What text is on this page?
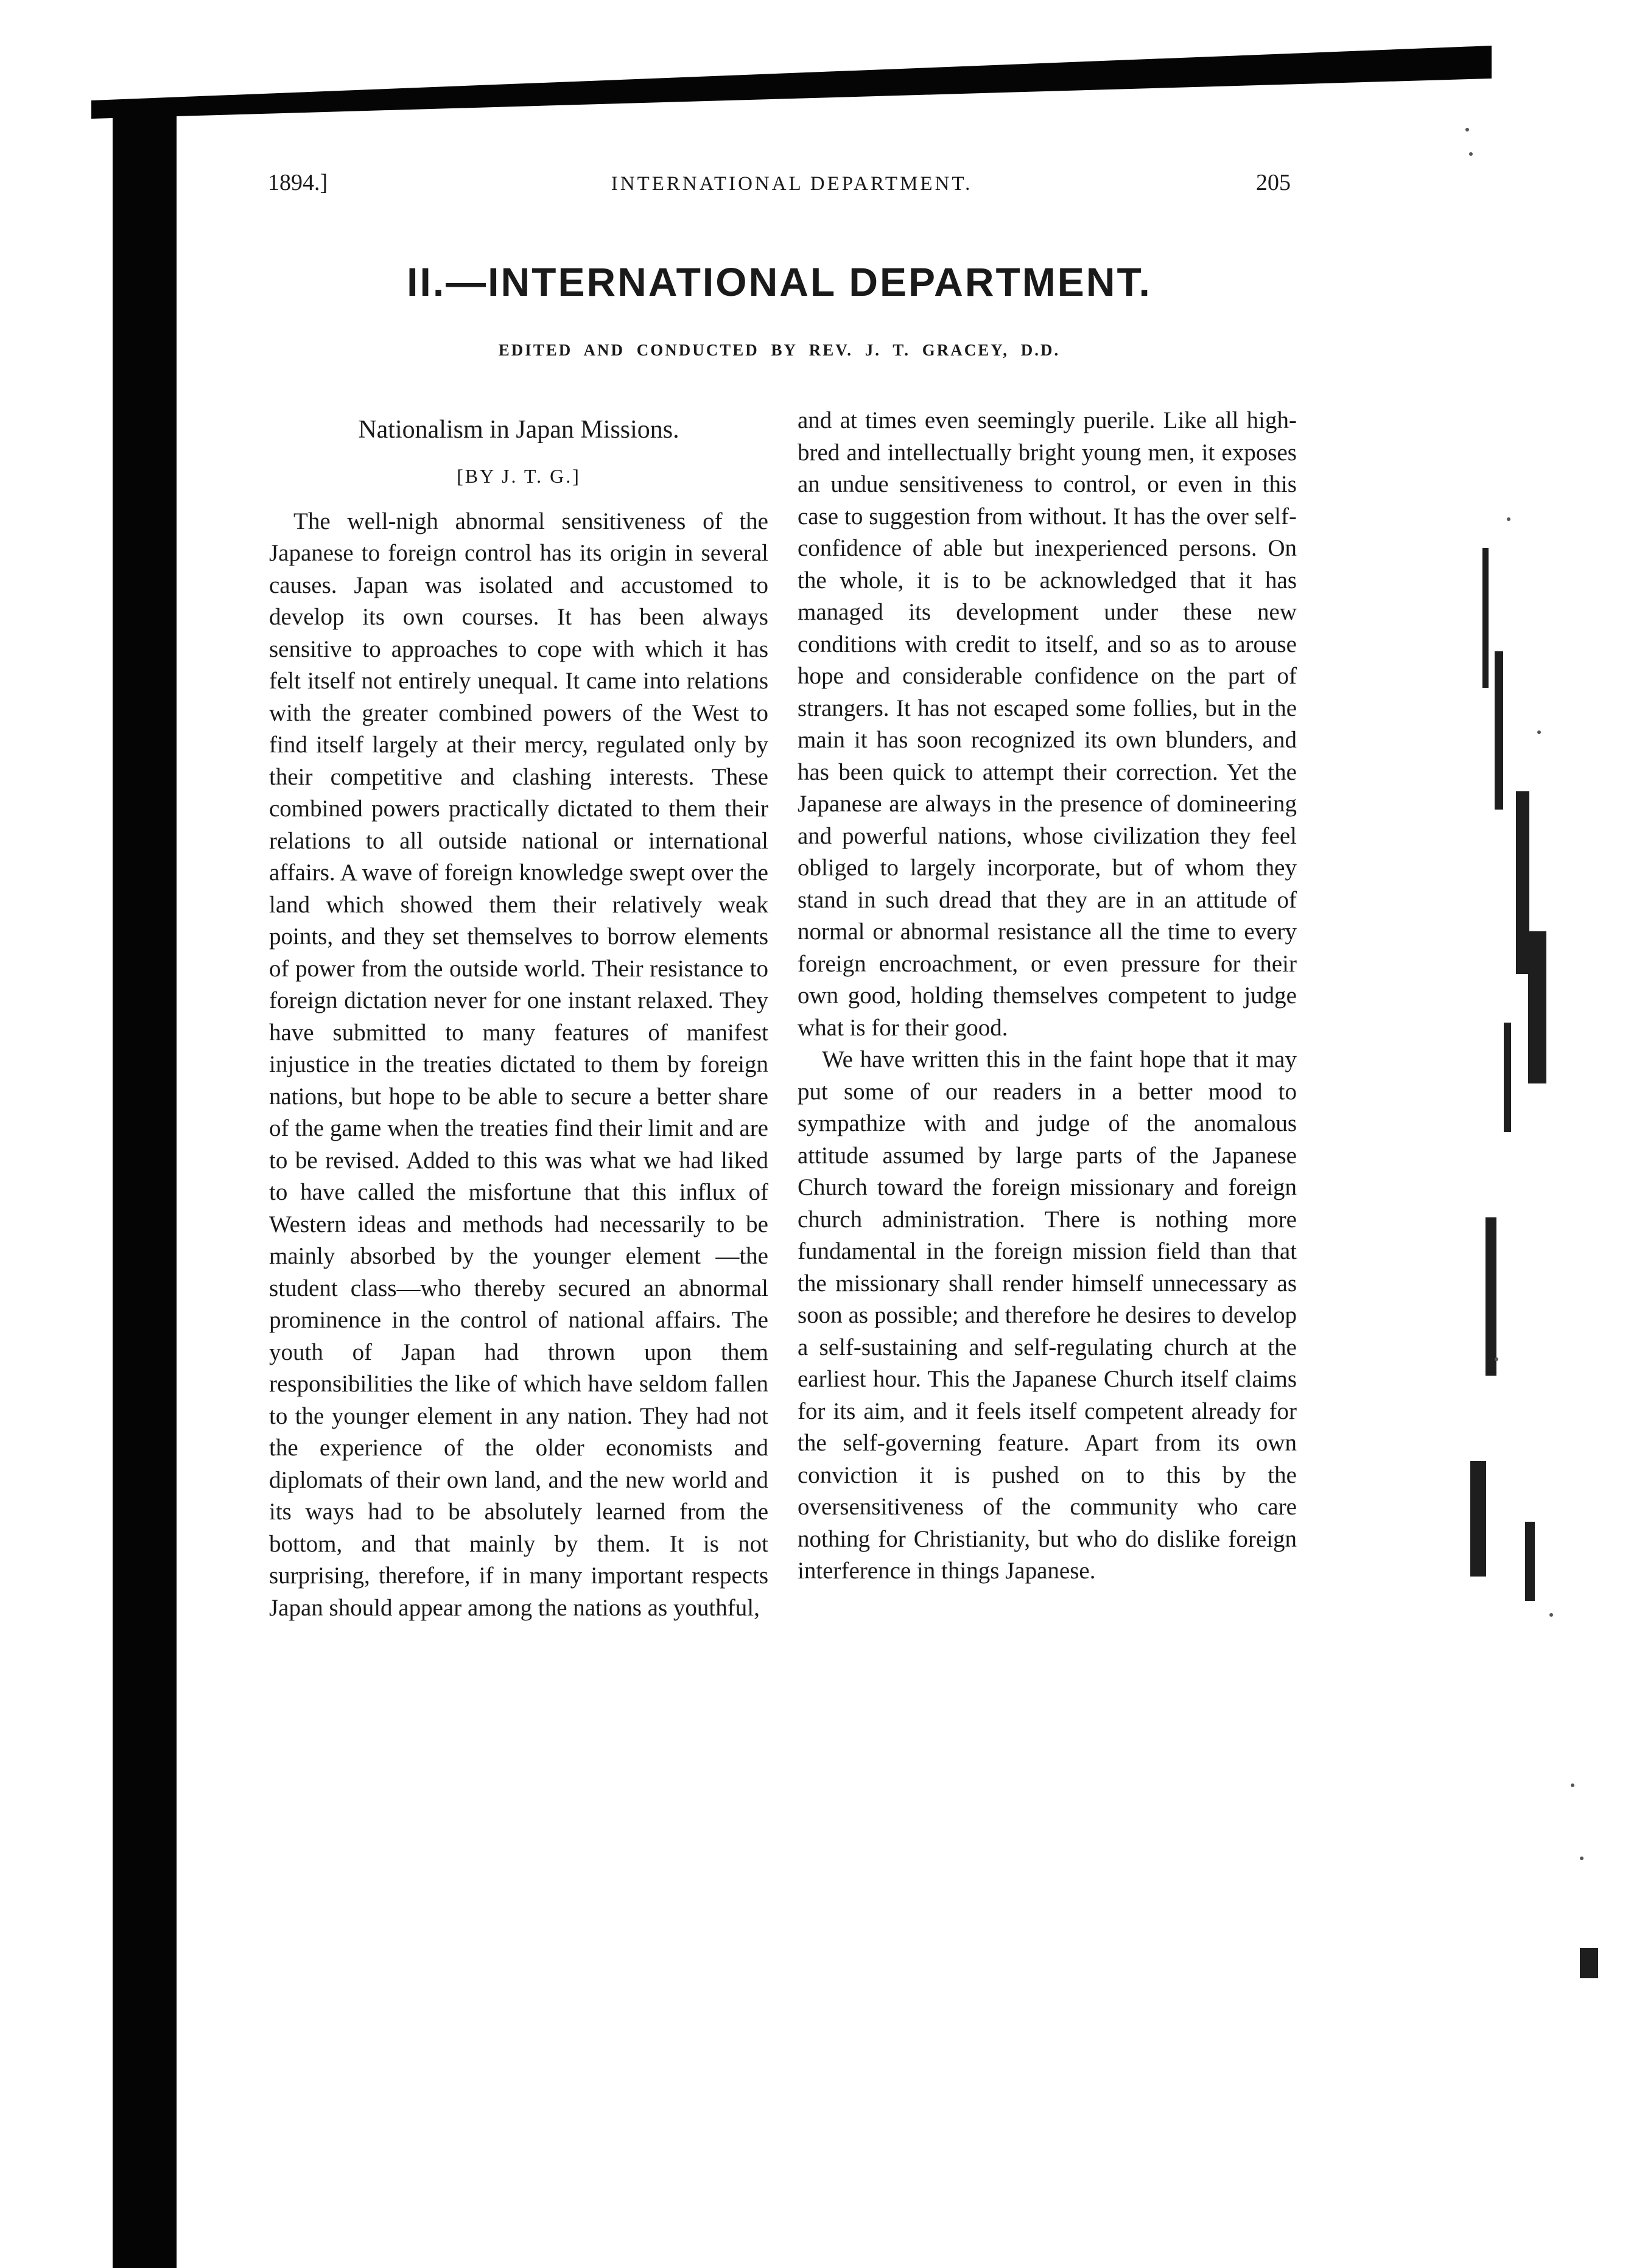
1894.]	INTERNATIONAL DEPARTMENT.	205
II.—INTERNATIONAL DEPARTMENT.
EDITED AND CONDUCTED BY REV. J. T. GRACEY, D.D.
Nationalism in Japan Missions.
[BY J. T. G.]

The well-nigh abnormal sensitiveness of the Japanese to foreign control has its origin in several causes. Japan was isolated and accustomed to develop its own courses. It has been always sensitive to approaches to cope with which it has felt itself not entirely unequal. It came into relations with the greater combined powers of the West to find itself largely at their mercy, regulated only by their competitive and clashing interests. These combined powers practically dictated to them their relations to all outside national or international affairs. A wave of foreign knowledge swept over the land which showed them their relatively weak points, and they set themselves to borrow elements of power from the outside world. Their resistance to foreign dictation never for one instant relaxed. They have submitted to many features of manifest injustice in the treaties dictated to them by foreign nations, but hope to be able to secure a better share of the game when the treaties find their limit and are to be revised. Added to this was what we had liked to have called the misfortune that this influx of Western ideas and methods had necessarily to be mainly absorbed by the younger element —the student class—who thereby secured an abnormal prominence in the control of national affairs. The youth of Japan had thrown upon them responsibilities the like of which have seldom fallen to the younger element in any nation. They had not the experience of the older economists and diplomats of their own land, and the new world and its ways had to be absolutely learned from the bottom, and that mainly by them. It is not surprising, therefore, if in many important respects Japan should appear among the nations as youthful,

and at times even seemingly puerile. Like all high-bred and intellectually bright young men, it exposes an undue sensitiveness to control, or even in this case to suggestion from without. It has the over self-confidence of able but inexperienced persons. On the whole, it is to be acknowledged that it has managed its development under these new conditions with credit to itself, and so as to arouse hope and considerable confidence on the part of strangers. It has not escaped some follies, but in the main it has soon recognized its own blunders, and has been quick to attempt their correction. Yet the Japanese are always in the presence of domineering and powerful nations, whose civilization they feel obliged to largely incorporate, but of whom they stand in such dread that they are in an attitude of normal or abnormal resistance all the time to every foreign encroachment, or even pressure for their own good, holding themselves competent to judge what is for their good.

We have written this in the faint hope that it may put some of our readers in a better mood to sympathize with and judge of the anomalous attitude assumed by large parts of the Japanese Church toward the foreign missionary and foreign church administration. There is nothing more fundamental in the foreign mission field than that the missionary shall render himself unnecessary as soon as possible; and therefore he desires to develop a self-sustaining and self-regulating church at the earliest hour. This the Japanese Church itself claims for its aim, and it feels itself competent already for the self-governing feature. Apart from its own conviction it is pushed on to this by the oversensitiveness of the community who care nothing for Christianity, but who do dislike foreign interference in things Japanese.
